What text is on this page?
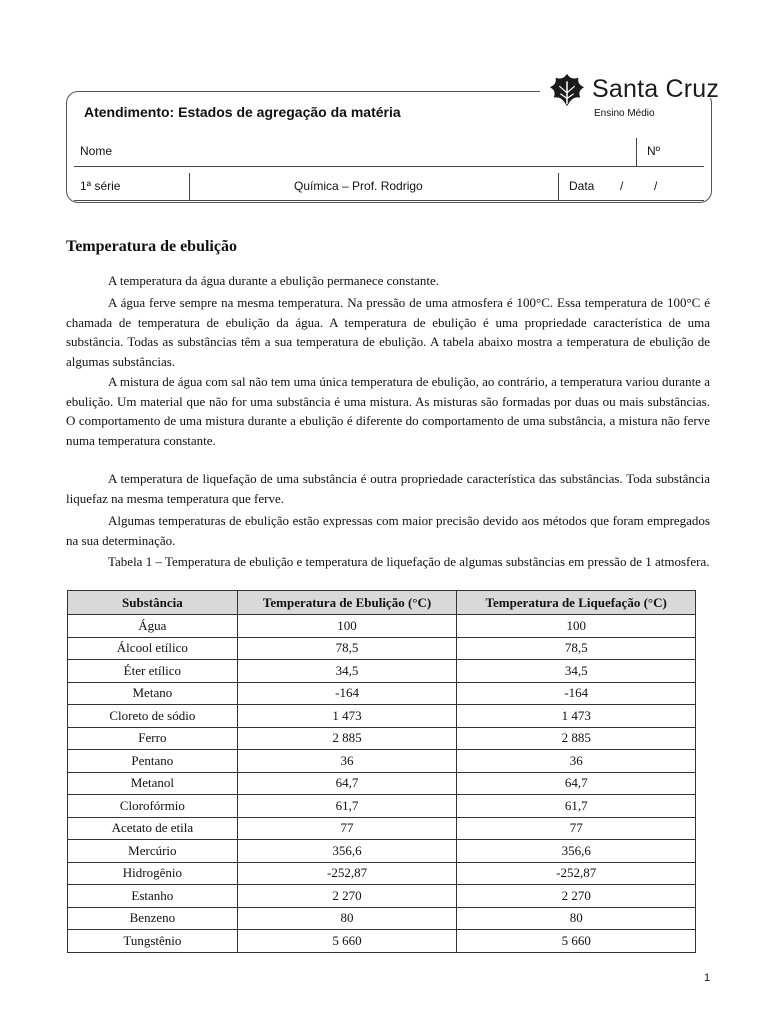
Santa Cruz
Ensino Médio
Atendimento: Estados de agregação da matéria
Nome	Nº
1ª série	Química – Prof. Rodrigo	Data /	/
Temperatura de ebulição

A temperatura da água durante a ebulição permanece constante.

A água ferve sempre na mesma temperatura. Na pressão de uma atmosfera é 100°C. Essa temperatura de 100°C é chamada de temperatura de ebulição da água. A temperatura de ebulição é uma propriedade característica de uma substância. Todas as substâncias têm a sua temperatura de ebulição. A tabela abaixo mostra a temperatura de ebulição de algumas substâncias.

A mistura de água com sal não tem uma única temperatura de ebulição, ao contrário, a temperatura variou durante a ebulição. Um material que não for uma substância é uma mistura. As misturas são formadas por duas ou mais substâncias. O comportamento de uma mistura durante a ebulição é diferente do comportamento de uma substância, a mistura não ferve numa temperatura constante.

A temperatura de liquefação de uma substância é outra propriedade característica das substâncias. Toda substância liquefaz na mesma temperatura que ferve.

Algumas temperaturas de ebulição estão expressas com maior precisão devido aos métodos que foram empregados na sua determinação.

Tabela 1 – Temperatura de ebulição e temperatura de liquefação de algumas substâncias em pressão de 1 atmosfera.

Substância	Temperatura de Ebulição (°C)	Temperatura de Liquefação (°C)
Água	100	100
Álcool etílico	78,5	78,5
Éter etílico	34,5	34,5
Metano	-164	-164
Cloreto de sódio	1 473	1 473
Ferro	2 885	2 885
Pentano	36	36
Metanol	64,7	64,7
Clorofórmio	61,7	61,7
Acetato de etila	77	77
Mercúrio	356,6	356,6
Hidrogênio	-252,87	-252,87
Estanho	2 270	2 270
Benzeno	80	80
Tungstênio	5 660	5 660
1
